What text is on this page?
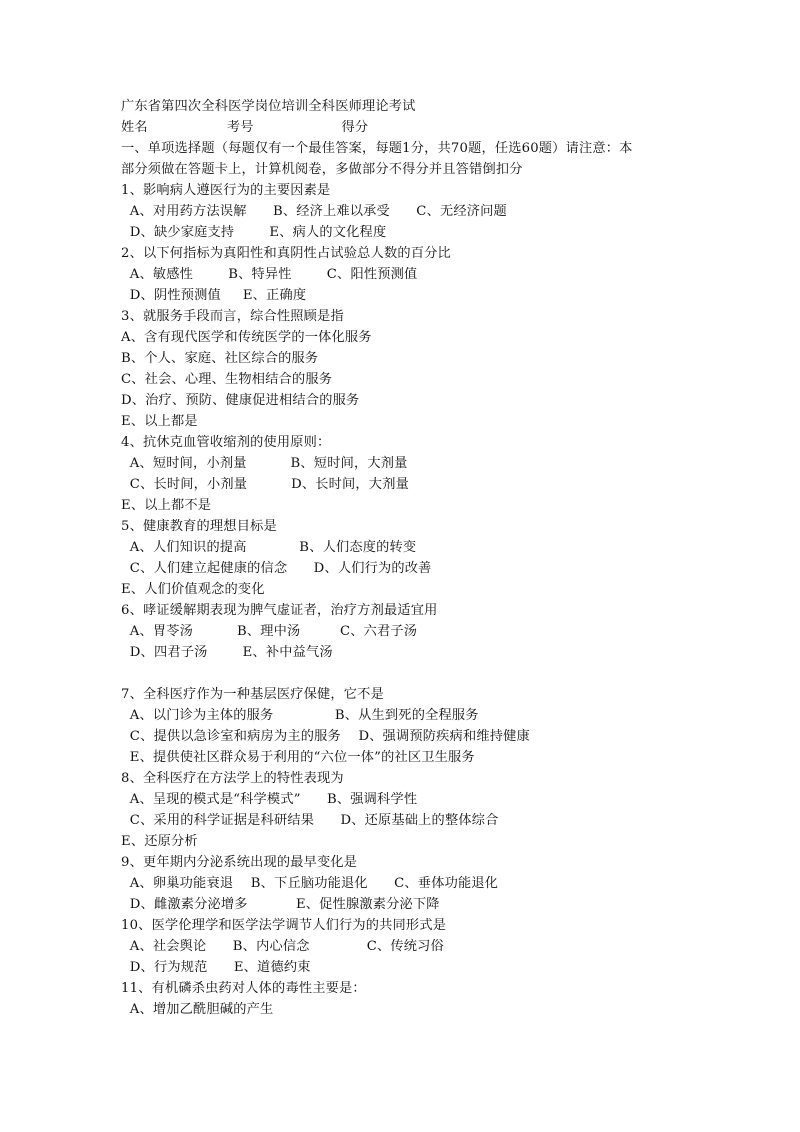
广东省第四次全科医学岗位培训全科医师理论考试
姓名                  考号                    得分
一、单项选择题（每题仅有一个最佳答案，每题1分，共70题，任选60题）请注意：本
部分须做在答题卡上，计算机阅卷，多做部分不得分并且答错倒扣分
1、影响病人遵医行为的主要因素是
A、对用药方法误解      B、经济上难以承受      C、无经济问题
D、缺少家庭支持        E、病人的文化程度
2、以下何指标为真阳性和真阴性占试验总人数的百分比
A、敏感性        B、特异性        C、阳性预测值
D、阴性预测值     E、正确度
3、就服务手段而言，综合性照顾是指
A、含有现代医学和传统医学的一体化服务
B、个人、家庭、社区综合的服务
C、社会、心理、生物相结合的服务
D、治疗、预防、健康促进相结合的服务
E、以上都是
4、抗休克血管收缩剂的使用原则：
A、短时间，小剂量          B、短时间，大剂量
C、长时间，小剂量          D、长时间，大剂量
E、以上都不是
5、健康教育的理想目标是
A、人们知识的提高            B、人们态度的转变
C、人们建立起健康的信念      D、人们行为的改善
E、人们价值观念的变化
6、哮证缓解期表现为脾气虚证者，治疗方剂最适宜用
A、胃苓汤          B、理中汤         C、六君子汤
D、四君子汤        E、补中益气汤
7、全科医疗作为一种基层医疗保健，它不是
A、以门诊为主体的服务              B、从生到死的全程服务
C、提供以急诊室和病房为主的服务    D、强调预防疾病和维持健康
E、提供使社区群众易于利用的“六位一体”的社区卫生服务
8、全科医疗在方法学上的特性表现为
A、呈现的模式是“科学模式”      B、强调科学性
C、采用的科学证据是科研结果      D、还原基础上的整体综合
E、还原分析
9、更年期内分泌系统出现的最早变化是
A、卵巢功能衰退    B、下丘脑功能退化      C、垂体功能退化
D、雌激素分泌增多           E、促性腺激素分泌下降
10、医学伦理学和医学法学调节人们行为的共同形式是
A、社会舆论      B、内心信念             C、传统习俗
D、行为规范      E、道德约束
11、有机磷杀虫药对人体的毒性主要是：
A、增加乙酰胆碱的产生
